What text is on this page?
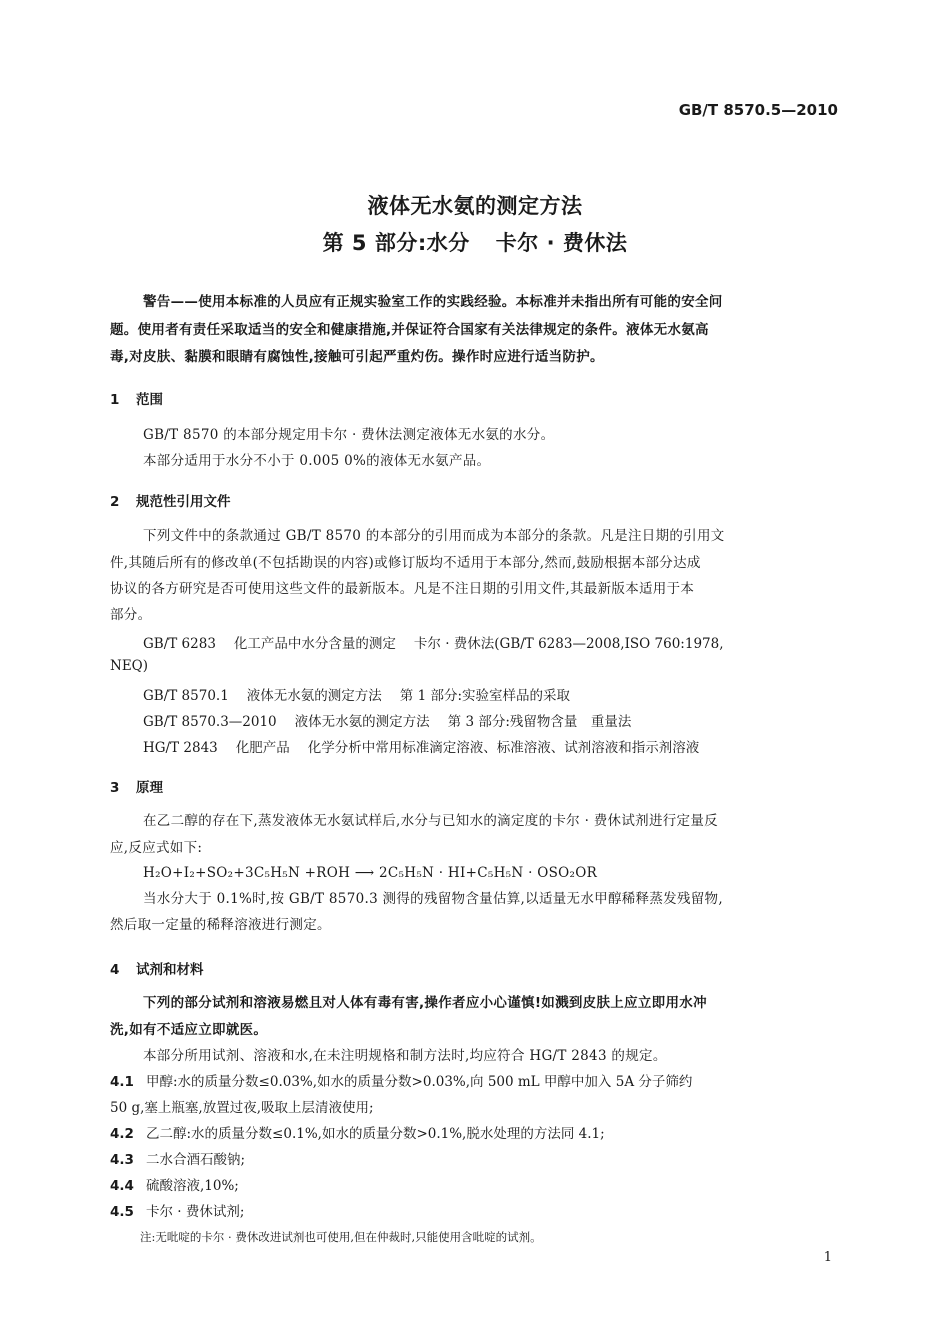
GB/T 8570.5—2010
液体无水氨的测定方法
第 5 部分:水分 卡尔 · 费休法
警告——使用本标准的人员应有正规实验室工作的实践经验。本标准并未指出所有可能的安全问
题。使用者有责任采取适当的安全和健康措施,并保证符合国家有关法律规定的条件。液体无水氨高
毒,对皮肤、黏膜和眼睛有腐蚀性,接触可引起严重灼伤。操作时应进行适当防护。
1 范围
GB/T 8570 的本部分规定用卡尔 · 费休法测定液体无水氨的水分。
本部分适用于水分不小于 0.005 0%的液体无水氨产品。
2 规范性引用文件
下列文件中的条款通过 GB/T 8570 的本部分的引用而成为本部分的条款。凡是注日期的引用文
件,其随后所有的修改单(不包括勘误的内容)或修订版均不适用于本部分,然而,鼓励根据本部分达成
协议的各方研究是否可使用这些文件的最新版本。凡是不注日期的引用文件,其最新版本适用于本
部分。
GB/T 6283 化工产品中水分含量的测定 卡尔 · 费休法(GB/T 6283—2008,ISO 760:1978,
NEQ)
GB/T 8570.1 液体无水氨的测定方法 第 1 部分:实验室样品的采取
GB/T 8570.3—2010 液体无水氨的测定方法 第 3 部分:残留物含量　重量法
HG/T 2843 化肥产品 化学分析中常用标准滴定溶液、标准溶液、试剂溶液和指示剂溶液
3 原理
在乙二醇的存在下,蒸发液体无水氨试样后,水分与已知水的滴定度的卡尔 · 费休试剂进行定量反
应,反应式如下:
H₂O+I₂+SO₂+3C₅H₅N +ROH ⟶ 2C₅H₅N · HI+C₅H₅N · OSO₂OR
当水分大于 0.1%时,按 GB/T 8570.3 测得的残留物含量估算,以适量无水甲醇稀释蒸发残留物,
然后取一定量的稀释溶液进行测定。
4 试剂和材料
下列的部分试剂和溶液易燃且对人体有毒有害,操作者应小心谨慎!如溅到皮肤上应立即用水冲
洗,如有不适应立即就医。
本部分所用试剂、溶液和水,在未注明规格和制方法时,均应符合 HG/T 2843 的规定。
4.1 甲醇:水的质量分数≤0.03%,如水的质量分数>0.03%,向 500 mL 甲醇中加入 5A 分子筛约
50 g,塞上瓶塞,放置过夜,吸取上层清液使用;
4.2 乙二醇:水的质量分数≤0.1%,如水的质量分数>0.1%,脱水处理的方法同 4.1;
4.3 二水合酒石酸钠;
4.4 硫酸溶液,10%;
4.5 卡尔 · 费休试剂;
注:无吡啶的卡尔 · 费休改进试剂也可使用,但在仲裁时,只能使用含吡啶的试剂。
1
